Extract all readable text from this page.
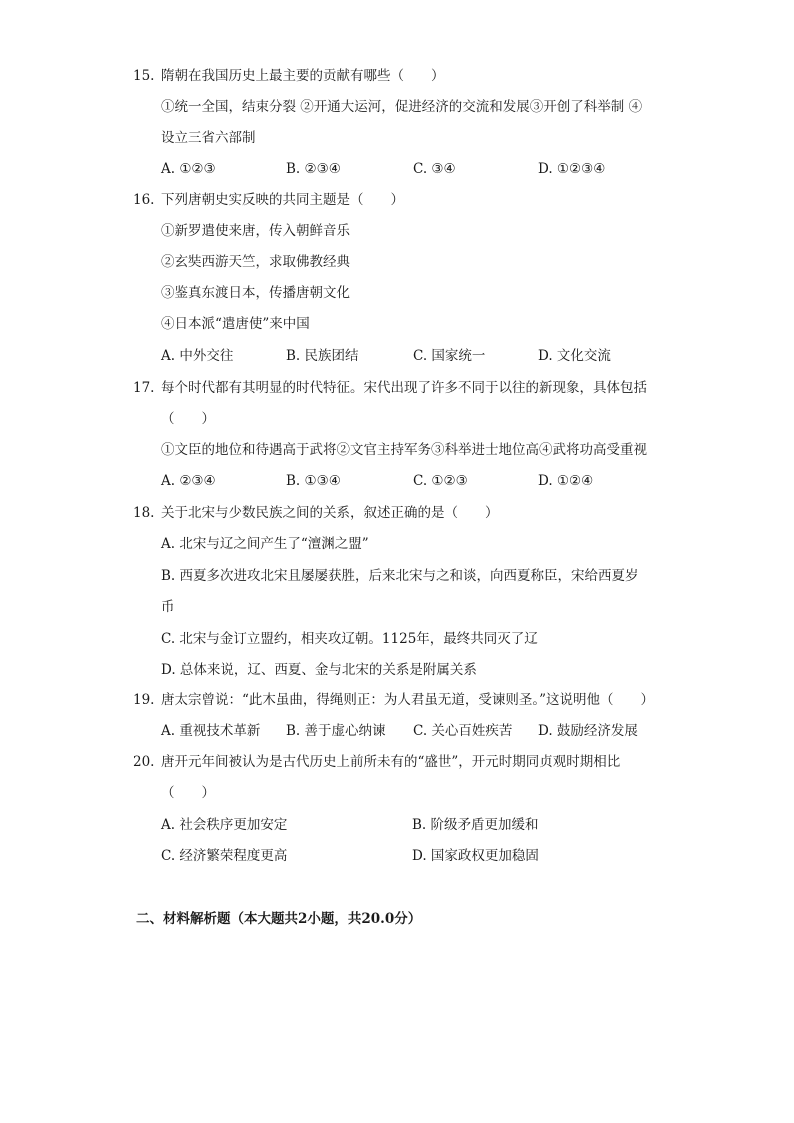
15. 隋朝在我国历史上最主要的贡献有哪些（　　）
①统一全国，结束分裂 ②开通大运河，促进经济的交流和发展③开创了科举制 ④
设立三省六部制
A. ①②③	B. ②③④	C. ③④	D. ①②③④
16. 下列唐朝史实反映的共同主题是（　　）
①新罗遣使来唐，传入朝鲜音乐
②玄奘西游天竺，求取佛教经典
③鉴真东渡日本，传播唐朝文化
④日本派“遣唐使”来中国
A. 中外交往	B. 民族团结	C. 国家统一	D. 文化交流
17. 每个时代都有其明显的时代特征。宋代出现了许多不同于以往的新现象，具体包括
（　　）
①文臣的地位和待遇高于武将②文官主持军务③科举进士地位高④武将功高受重视
A. ②③④	B. ①③④	C. ①②③	D. ①②④
18. 关于北宋与少数民族之间的关系，叙述正确的是（　　）
A. 北宋与辽之间产生了“澶渊之盟”
B. 西夏多次进攻北宋且屡屡获胜，后来北宋与之和谈，向西夏称臣，宋给西夏岁
币
C. 北宋与金订立盟约，相夹攻辽朝。1125年，最终共同灭了辽
D. 总体来说，辽、西夏、金与北宋的关系是附属关系
19. 唐太宗曾说：“此木虽曲，得绳则正：为人君虽无道，受谏则圣。”这说明他（　　）
A. 重视技术革新 B. 善于虚心纳谏 C. 关心百姓疾苦 D. 鼓励经济发展
20. 唐开元年间被认为是古代历史上前所未有的“盛世”，开元时期同贞观时期相比
（　　）
A. 社会秩序更加安定	B. 阶级矛盾更加缓和
C. 经济繁荣程度更高	D. 国家政权更加稳固
二、材料解析题（本大题共2小题，共20.0分）
